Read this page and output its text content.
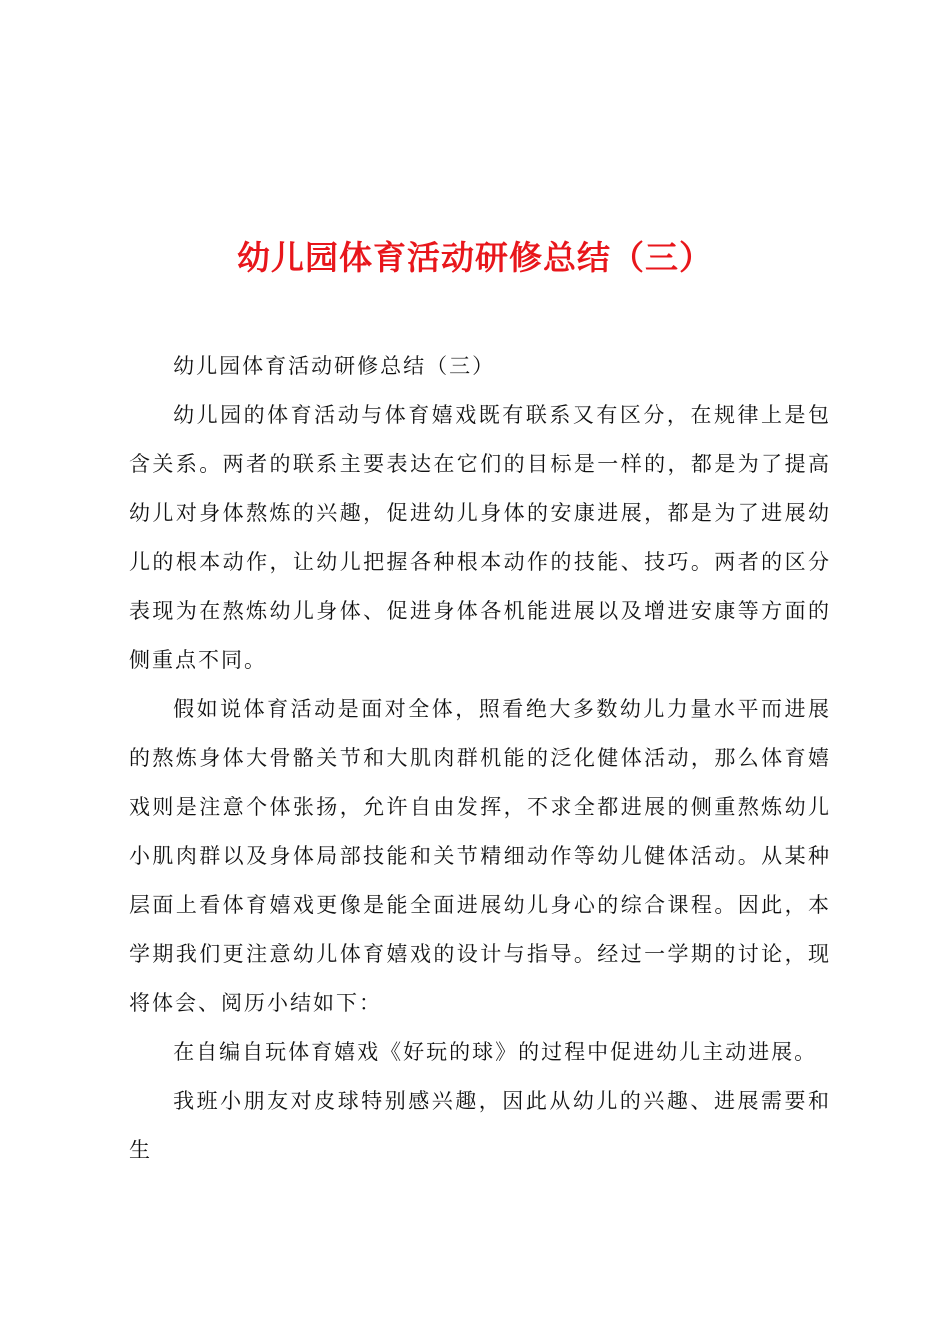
幼儿园体育活动研修总结（三）

幼儿园体育活动研修总结（三）

幼儿园的体育活动与体育嬉戏既有联系又有区分，在规律上是包含关系。两者的联系主要表达在它们的目标是一样的，都是为了提高幼儿对身体熬炼的兴趣，促进幼儿身体的安康进展，都是为了进展幼儿的根本动作，让幼儿把握各种根本动作的技能、技巧。两者的区分表现为在熬炼幼儿身体、促进身体各机能进展以及增进安康等方面的侧重点不同。

假如说体育活动是面对全体，照看绝大多数幼儿力量水平而进展的熬炼身体大骨骼关节和大肌肉群机能的泛化健体活动，那么体育嬉戏则是注意个体张扬，允许自由发挥，不求全都进展的侧重熬炼幼儿小肌肉群以及身体局部技能和关节精细动作等幼儿健体活动。从某种层面上看体育嬉戏更像是能全面进展幼儿身心的综合课程。因此，本学期我们更注意幼儿体育嬉戏的设计与指导。经过一学期的讨论，现将体会、阅历小结如下：

在自编自玩体育嬉戏《好玩的球》的过程中促进幼儿主动进展。

我班小朋友对皮球特别感兴趣，因此从幼儿的兴趣、进展需要和生
